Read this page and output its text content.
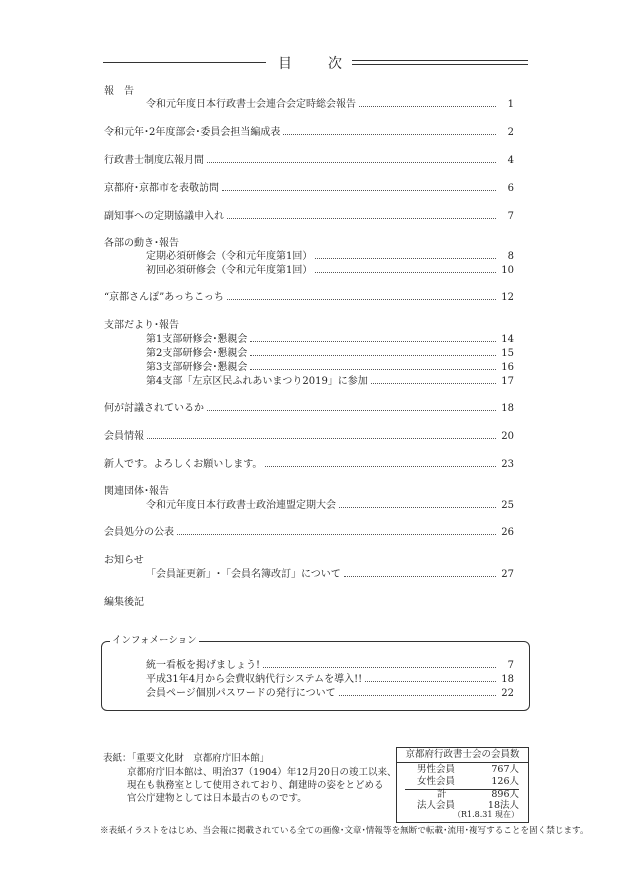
目	次
報　告
令和元年度日本行政書士会連合会定時総会報告	1
令和元年･2年度部会･委員会担当編成表	2
行政書士制度広報月間	4
京都府･京都市を表敬訪問	6
副知事への定期協議申入れ	7
各部の動き･報告
定期必須研修会（令和元年度第1回）	8
初回必須研修会（令和元年度第1回）	10
“京都さんぽ”あっちこっち	12
支部だより･報告
第1支部研修会･懇親会	14
第2支部研修会･懇親会	15
第3支部研修会･懇親会	16
第4支部「左京区民ふれあいまつり2019」に参加	17
何が討議されているか	18
会員情報	20
新人です。よろしくお願いします。	23
関連団体･報告
令和元年度日本行政書士政治連盟定期大会	25
会員処分の公表	26
お知らせ
「会員証更新」･「会員名簿改訂」について	27
編集後記
インフォメーション
統一看板を掲げましょう!	7
平成31年4月から会費収納代行システムを導入!!	18
会員ページ個別パスワードの発行について	22
表紙：「重要文化財　京都府庁旧本館」
京都府庁旧本館は、明治37（1904）年12月20日の竣工以来、
現在も執務室として使用されており、創建時の姿をとどめる
官公庁建物としては日本最古のものです。
京都府行政書士会の会員数
男性会員	767人
女性会員	126人
計	896人
法人会員	18法人
（R1.8.31 現在）
※表紙イラストをはじめ、当会報に掲載されている全ての画像･文章･情報等を無断で転載･流用･複写することを固く禁じます。
